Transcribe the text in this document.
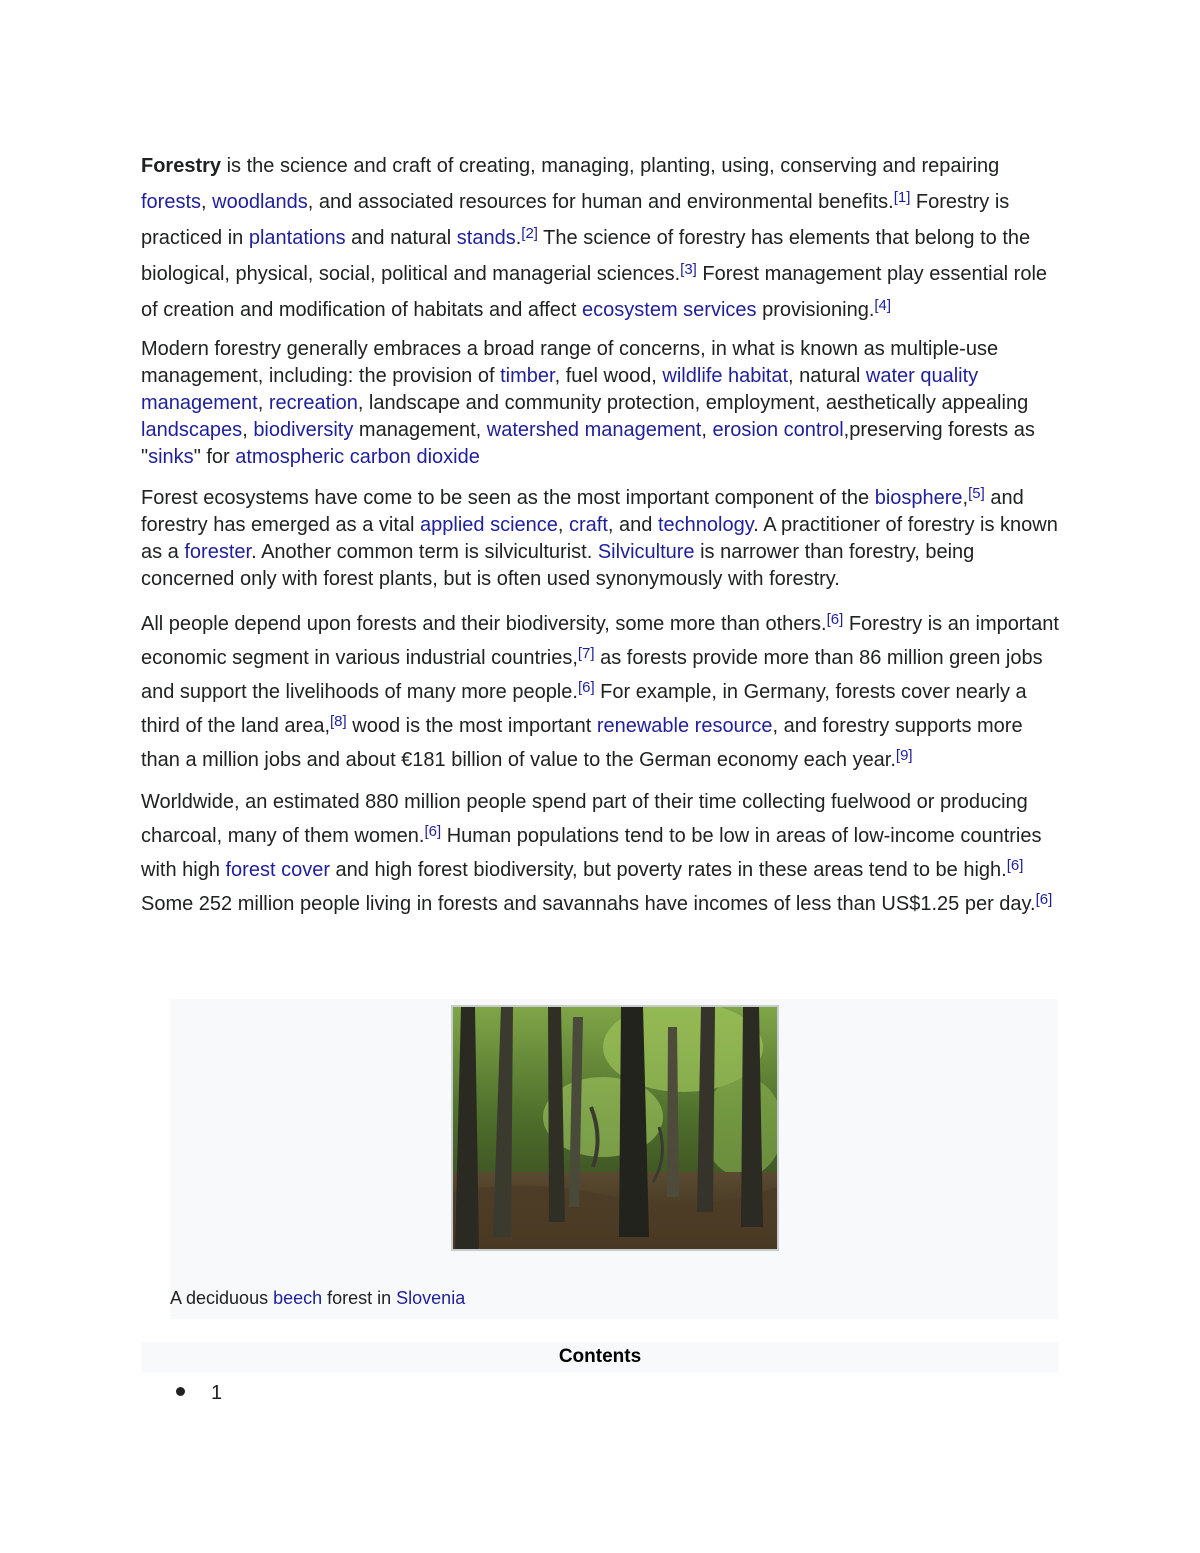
Forestry is the science and craft of creating, managing, planting, using, conserving and repairing forests, woodlands, and associated resources for human and environmental benefits.[1] Forestry is practiced in plantations and natural stands.[2] The science of forestry has elements that belong to the biological, physical, social, political and managerial sciences.[3] Forest management play essential role of creation and modification of habitats and affect ecosystem services provisioning.[4]

Modern forestry generally embraces a broad range of concerns, in what is known as multiple-use management, including: the provision of timber, fuel wood, wildlife habitat, natural water quality management, recreation, landscape and community protection, employment, aesthetically appealing landscapes, biodiversity management, watershed management, erosion control,preserving forests as "sinks" for atmospheric carbon dioxide

Forest ecosystems have come to be seen as the most important component of the biosphere,[5] and forestry has emerged as a vital applied science, craft, and technology. A practitioner of forestry is known as a forester. Another common term is silviculturist. Silviculture is narrower than forestry, being concerned only with forest plants, but is often used synonymously with forestry.

All people depend upon forests and their biodiversity, some more than others.[6] Forestry is an important economic segment in various industrial countries,[7] as forests provide more than 86 million green jobs and support the livelihoods of many more people.[6] For example, in Germany, forests cover nearly a third of the land area,[8] wood is the most important renewable resource, and forestry supports more than a million jobs and about €181 billion of value to the German economy each year.[9]

Worldwide, an estimated 880 million people spend part of their time collecting fuelwood or producing charcoal, many of them women.[6] Human populations tend to be low in areas of low-income countries with high forest cover and high forest biodiversity, but poverty rates in these areas tend to be high.[6] Some 252 million people living in forests and savannahs have incomes of less than US$1.25 per day.[6]

A deciduous beech forest in Slovenia
Contents
1
